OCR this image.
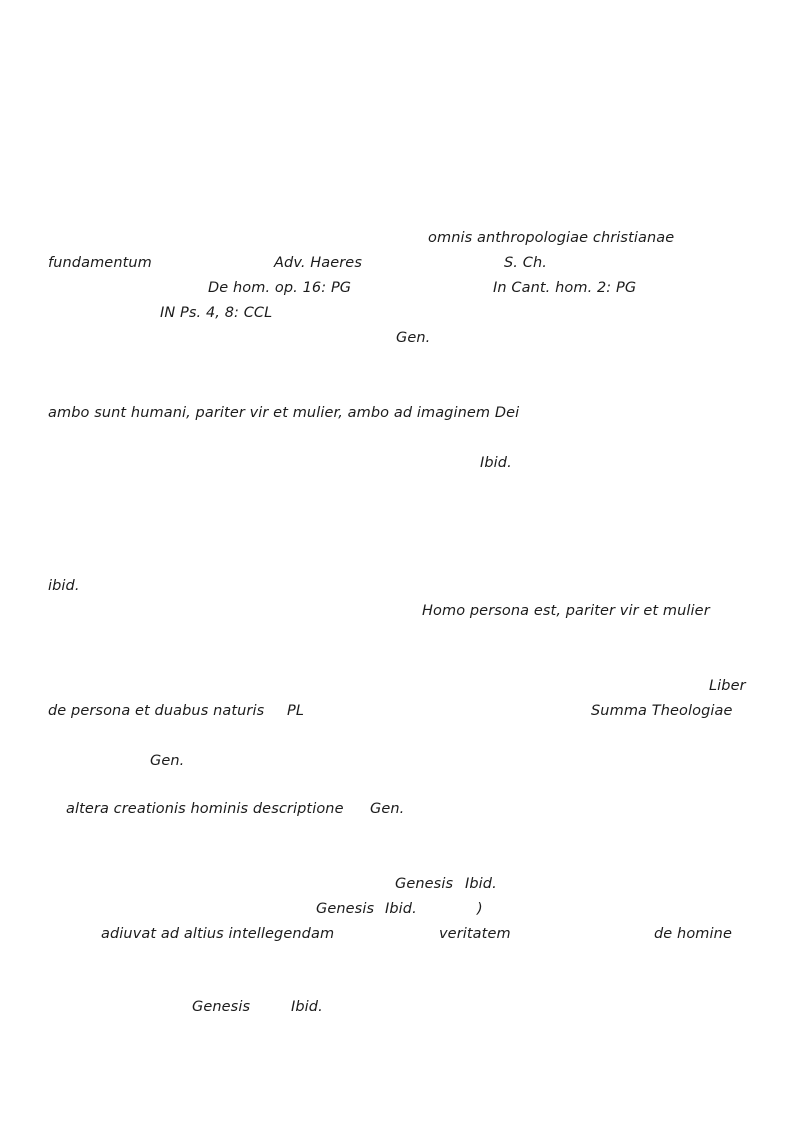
omnis anthropologiae christianae
fundamentum	Adv. Haeres	S. Ch.
De hom. op. 16: PG	In Cant. hom. 2: PG
IN Ps. 4, 8: CCL
Gen.
ambo sunt humani, pariter vir et mulier, ambo ad imaginem Dei
Ibid.
ibid.
Homo persona est, pariter vir et mulier
Liber
de persona et duabus naturis PL	Summa Theologiae
Gen.
altera creationis hominis descriptione Gen.
Genesis Ibid.
Genesis Ibid.	)
adiuvat ad altius intellegendam	veritatem	de homine
Genesis	Ibid.
